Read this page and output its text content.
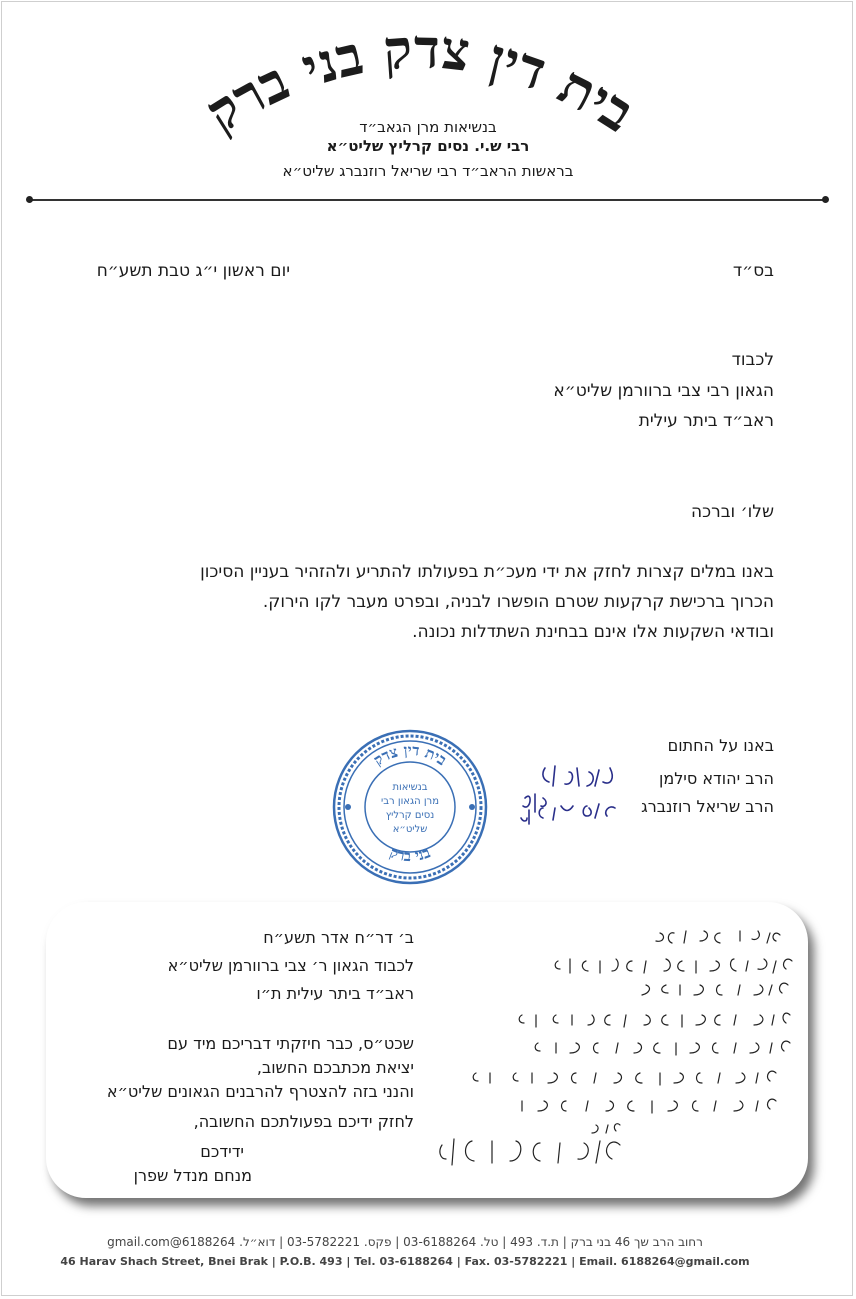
בית דין צדק בני ברק
בנשיאות מרן הגאב״ד
רבי ש.י. נסים קרליץ שליט״א
בראשות הראב״ד רבי שריאל רוזנברג שליט״א
בס״ד
יום ראשון י״ג טבת תשע״ח
לכבוד
הגאון רבי צבי ברוורמן שליט״א
ראב״ד ביתר עילית
שלו׳ וברכה
באנו במלים קצרות לחזק את ידי מעכ״ת בפעולתו להתריע ולהזהיר בעניין הסיכון
הכרוך ברכישת קרקעות שטרם הופשרו לבניה, ובפרט מעבר לקו הירוק.
ובודאי השקעות אלו אינם בבחינת השתדלות נכונה.
באנו על החתום
הרב יהודא סילמן
הרב שריאל רוזנברג
בית דין צדק
בני ברק
בנשיאות
מרן הגאון רבי
נסים קרליץ
שליט״א
ב׳ דר״ח אדר תשע״ח
לכבוד הגאון ר׳ צבי ברוורמן שליט״א
ראב״ד ביתר עילית ת״ו
שכט״ס, כבר חיזקתי דבריכם מיד עם
יציאת מכתבכם החשוב,
והנני בזה להצטרף להרבנים הגאונים שליט״א
לחזק ידיכם בפעולתכם החשובה,
ידידכם
מנחם מנדל שפרן
רחוב הרב שך 46 בני ברק | ת.ד. 493 | טל. 03-6188264 | פקס. 03-5782221 | דוא״ל. 6188264@gmail.com
46 Harav Shach Street, Bnei Brak | P.O.B. 493 | Tel. 03-6188264 | Fax. 03-5782221 | Email. 6188264@gmail.com
